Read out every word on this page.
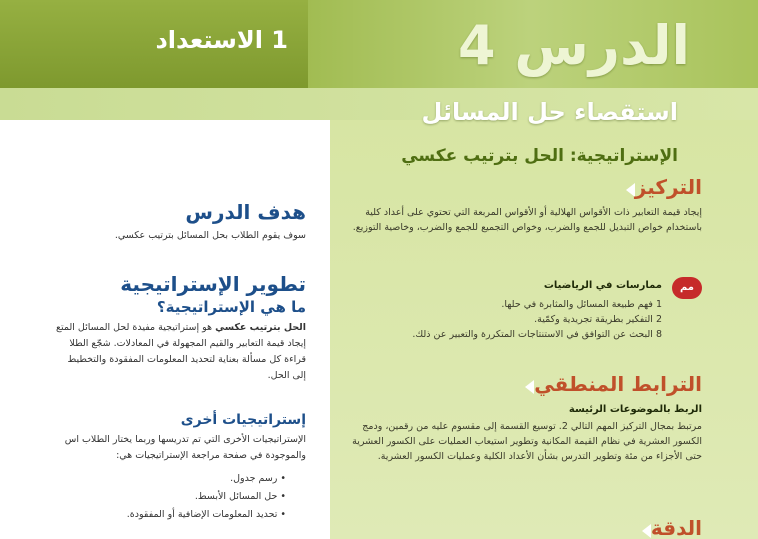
1 الاستعداد	الدرس 4
استقصاء حل المسائل
الإستراتيجية: الحل بترتيب عكسي
التركيز
إيجاد قيمة التعابير ذات الأقواس الهلالية أو الأقواس المربعة التي تحتوي على أعداد كلية باستخدام خواص التبديل للجمع والضرب، وخواص التجميع للجمع والضرب، وخاصية التوزيع.
مم
ممارسات في الرياضيات
1 فهم طبيعة المسائل والمثابرة في حلها.
2 التفكير بطريقة تجريدية وكمّية.
8 البحث عن التوافق في الاستنتاجات المتكررة والتعبير عن ذلك.
الترابط المنطقي
الربط بالموضوعات الرئيسة
مرتبط بمجال التركيز المهم التالي 2. توسيع القسمة إلى مقسوم عليه من رقمين، ودمج الكسور العشرية في نظام القيمة المكانية وتطوير استيعاب العمليات على الكسور العشرية حتى الأجزاء من مئة وتطوير التدرس بشأن الأعداد الكلية وعمليات الكسور العشرية.
الدقة
هدف الدرس
سوف يقوم الطلاب بحل المسائل بترتيب عكسي.
تطوير الإستراتيجية
ما هي الإستراتيجية؟
الحل بترتيب عكسي هو إستراتيجية مفيدة لحل المسائل المتع
إيجاد قيمة التعابير والقيم المجهولة في المعادلات. شجّع الطلا
قراءة كل مسألة بعناية لتحديد المعلومات المفقودة والتخطيط
إلى الحل.
إستراتيجيات أخرى
الإستراتيجيات الأخرى التي تم تدريسها وربما يختار الطلاب اس
والموجودة في صفحة مراجعة الإستراتيجيات هي:
• رسم جدول.
• حل المسائل الأبسط.
• تحديد المعلومات الإضافية أو المفقودة.
